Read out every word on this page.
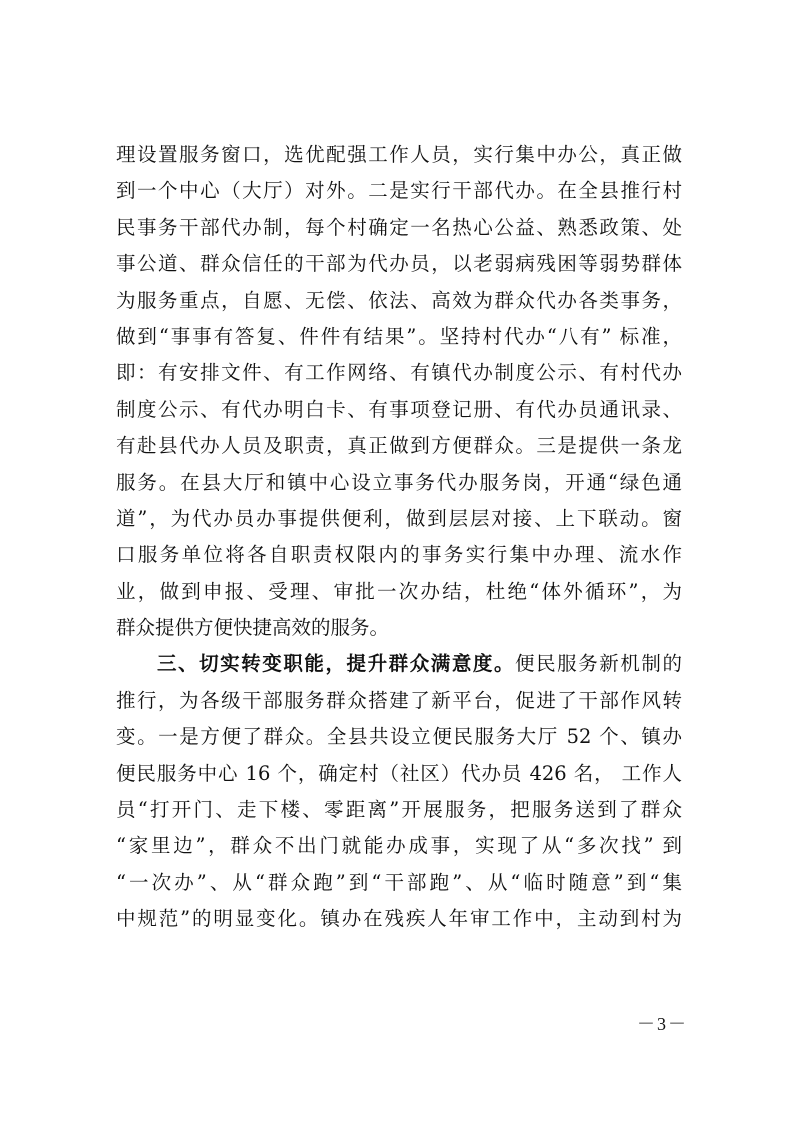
理设置服务窗口，选优配强工作人员，实行集中办公，真正做
到一个中心（大厅）对外。二是实行干部代办。在全县推行村
民事务干部代办制，每个村确定一名热心公益、熟悉政策、处
事公道、群众信任的干部为代办员，以老弱病残困等弱势群体
为服务重点，自愿、无偿、依法、高效为群众代办各类事务，
做到“事事有答复、件件有结果”。坚持村代办“八有” 标准，
即：有安排文件、有工作网络、有镇代办制度公示、有村代办
制度公示、有代办明白卡、有事项登记册、有代办员通讯录、
有赴县代办人员及职责，真正做到方便群众。三是提供一条龙
服务。在县大厅和镇中心设立事务代办服务岗，开通“绿色通
道”，为代办员办事提供便利，做到层层对接、上下联动。窗
口服务单位将各自职责权限内的事务实行集中办理、流水作
业，做到申报、受理、审批一次办结，杜绝“体外循环”，为
群众提供方便快捷高效的服务。
三、切实转变职能，提升群众满意度。便民服务新机制的
推行，为各级干部服务群众搭建了新平台，促进了干部作风转
变。一是方便了群众。全县共设立便民服务大厅 52 个、镇办
便民服务中心 16 个，确定村（社区）代办员 426 名， 工作人
员“打开门、走下楼、零距离”开展服务，把服务送到了群众
“家里边”，群众不出门就能办成事，实现了从“多次找” 到
“一次办”、从“群众跑”到“干部跑”、从“临时随意”到“集
中规范”的明显变化。镇办在残疾人年审工作中，主动到村为
－3－
